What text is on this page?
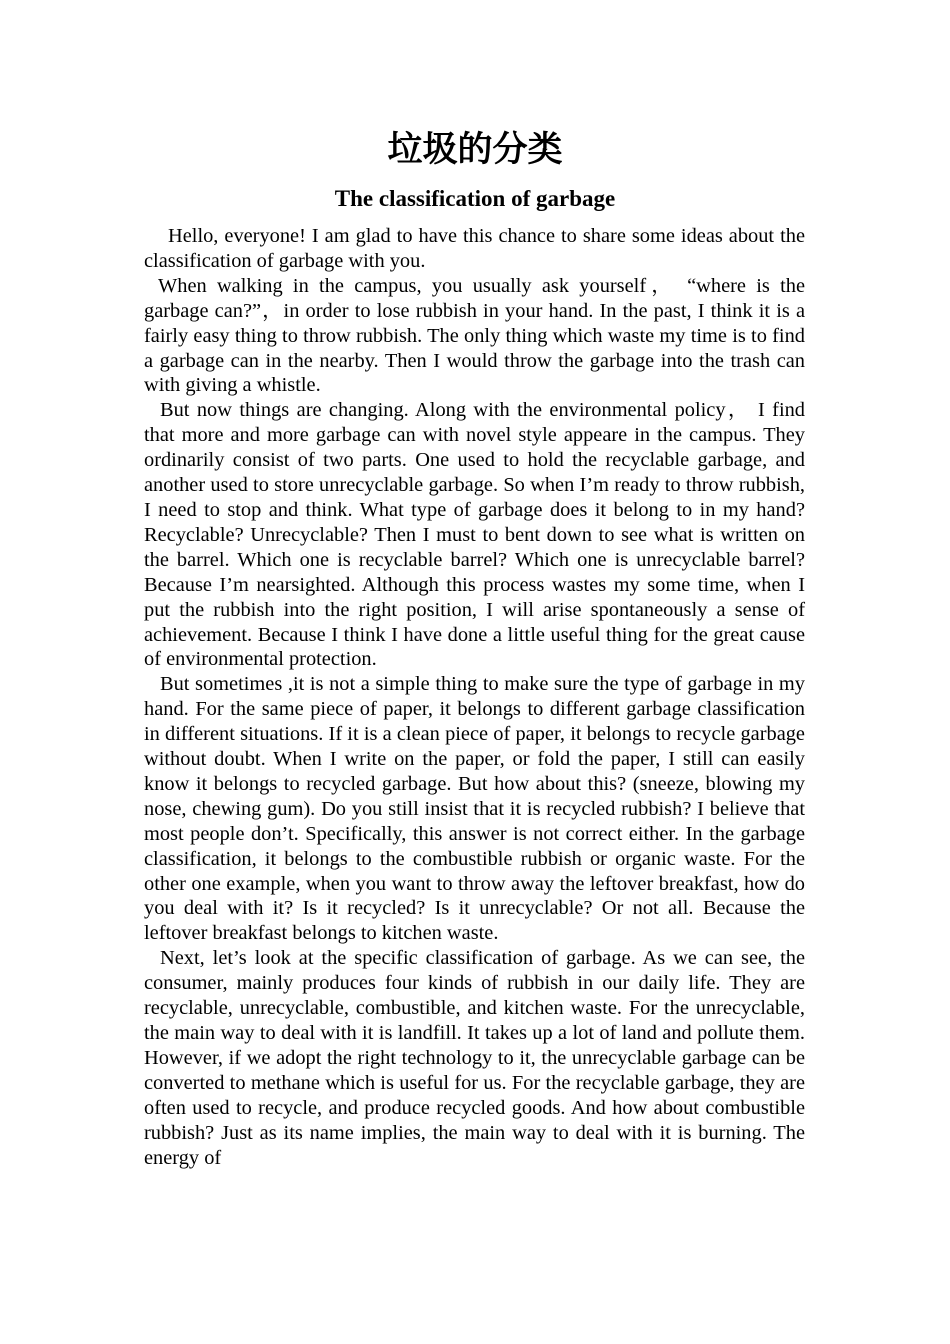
垃圾的分类
The classification of garbage

Hello, everyone! I am glad to have this chance to share some ideas about the classification of garbage with you.

When walking in the campus, you usually ask yourself， “where is the garbage can?”，in order to lose rubbish in your hand. In the past, I think it is a fairly easy thing to throw rubbish. The only thing which waste my time is to find a garbage can in the nearby. Then I would throw the garbage into the trash can with giving a whistle.

But now things are changing. Along with the environmental policy， I find that more and more garbage can with novel style appeare in the campus. They ordinarily consist of two parts. One used to hold the recyclable garbage, and another used to store unrecyclable garbage. So when I’m ready to throw rubbish, I need to stop and think. What type of garbage does it belong to in my hand? Recyclable? Unrecyclable? Then I must to bent down to see what is written on the barrel. Which one is recyclable barrel? Which one is unrecyclable barrel? Because I’m nearsighted. Although this process wastes my some time, when I put the rubbish into the right position, I will arise spontaneously a sense of achievement. Because I think I have done a little useful thing for the great cause of environmental protection.

But sometimes ,it is not a simple thing to make sure the type of garbage in my hand. For the same piece of paper, it belongs to different garbage classification in different situations. If it is a clean piece of paper, it belongs to recycle garbage without doubt. When I write on the paper, or fold the paper, I still can easily know it belongs to recycled garbage. But how about this? (sneeze, blowing my nose, chewing gum). Do you still insist that it is recycled rubbish? I believe that most people don’t. Specifically, this answer is not correct either. In the garbage classification, it belongs to the combustible rubbish or organic waste. For the other one example, when you want to throw away the leftover breakfast, how do you deal with it? Is it recycled? Is it unrecyclable? Or not all. Because the leftover breakfast belongs to kitchen waste.

Next, let’s look at the specific classification of garbage. As we can see, the consumer, mainly produces four kinds of rubbish in our daily life. They are recyclable, unrecyclable, combustible, and kitchen waste. For the unrecyclable, the main way to deal with it is landfill. It takes up a lot of land and pollute them. However, if we adopt the right technology to it, the unrecyclable garbage can be converted to methane which is useful for us. For the recyclable garbage, they are often used to recycle, and produce recycled goods. And how about combustible rubbish? Just as its name implies, the main way to deal with it is burning. The energy of
